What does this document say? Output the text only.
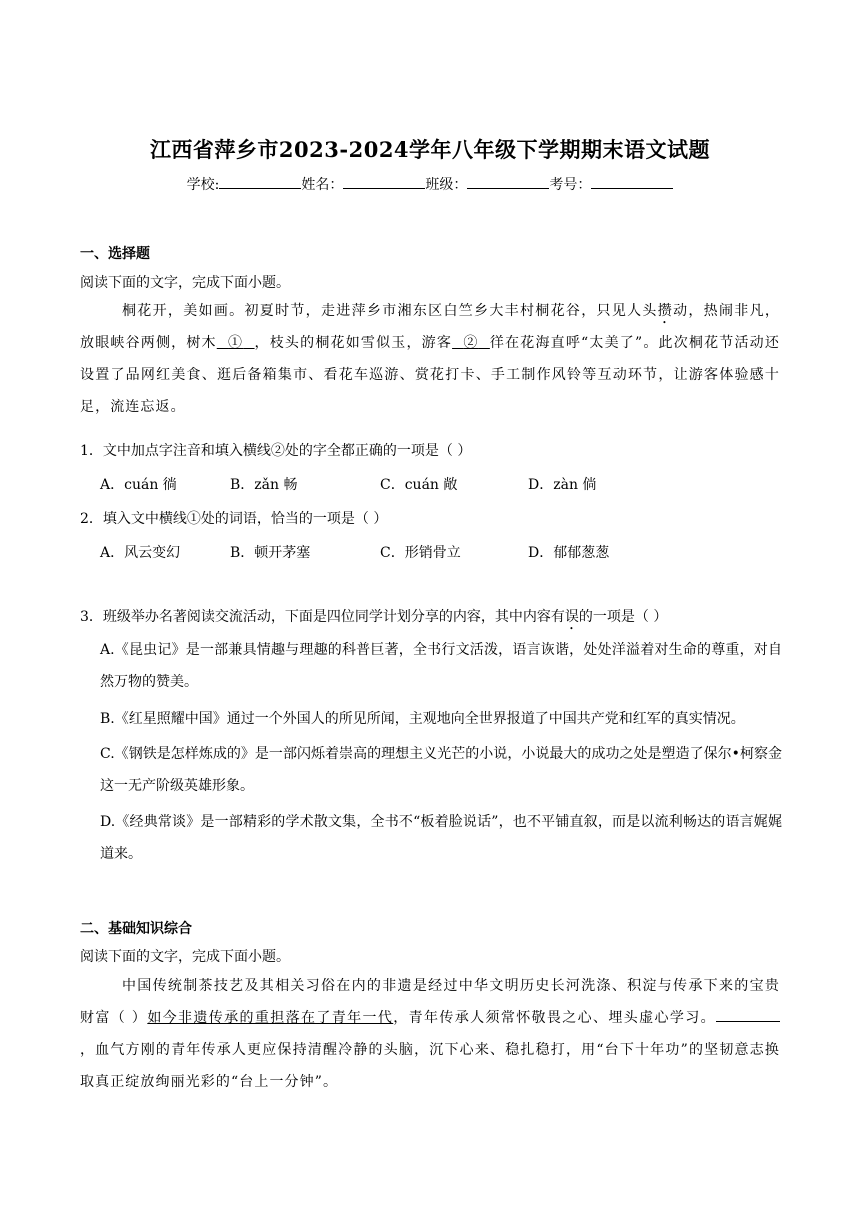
江西省萍乡市2023-2024学年八年级下学期期末语文试题
学校:	姓名：	班级：	考号：
一、选择题
阅读下面的文字，完成下面小题。
桐花开，美如画。初夏时节，走进萍乡市湘东区白竺乡大丰村桐花谷，只见人头攒动，热闹非凡，放眼峡谷两侧，树木 ① ，枝头的桐花如雪似玉，游客 ② 徉在花海直呼“太美了”。此次桐花节活动还设置了品网红美食、逛后备箱集市、看花车巡游、赏花打卡、手工制作风铃等互动环节，让游客体验感十足，流连忘返。
1．文中加点字注音和填入横线②处的字全都正确的一项是（ ）
A．cuán 徜	B．zǎn 畅	C．cuán 敞	D．zàn 倘
2．填入文中横线①处的词语，恰当的一项是（ ）
A．风云变幻	B．顿开茅塞	C．形销骨立	D．郁郁葱葱
3．班级举办名著阅读交流活动，下面是四位同学计划分享的内容，其中内容有误的一项是（ ）
A.《昆虫记》是一部兼具情趣与理趣的科普巨著，全书行文活泼，语言诙谐，处处洋溢着对生命的尊重，对自然万物的赞美。
B.《红星照耀中国》通过一个外国人的所见所闻，主观地向全世界报道了中国共产党和红军的真实情况。
C.《钢铁是怎样炼成的》是一部闪烁着崇高的理想主义光芒的小说，小说最大的成功之处是塑造了保尔•柯察金这一无产阶级英雄形象。
D.《经典常谈》是一部精彩的学术散文集，全书不“板着脸说话”，也不平铺直叙，而是以流利畅达的语言娓娓道来。
二、基础知识综合
阅读下面的文字，完成下面小题。
中国传统制茶技艺及其相关习俗在内的非遗是经过中华文明历史长河洗涤、积淀与传承下来的宝贵财富（ ）如今非遗传承的重担落在了青年一代，青年传承人须常怀敬畏之心、埋头虚心学习。，血气方刚的青年传承人更应保持清醒冷静的头脑，沉下心来、稳扎稳打，用“台下十年功”的坚韧意志换取真正绽放绚丽光彩的“台上一分钟”。
